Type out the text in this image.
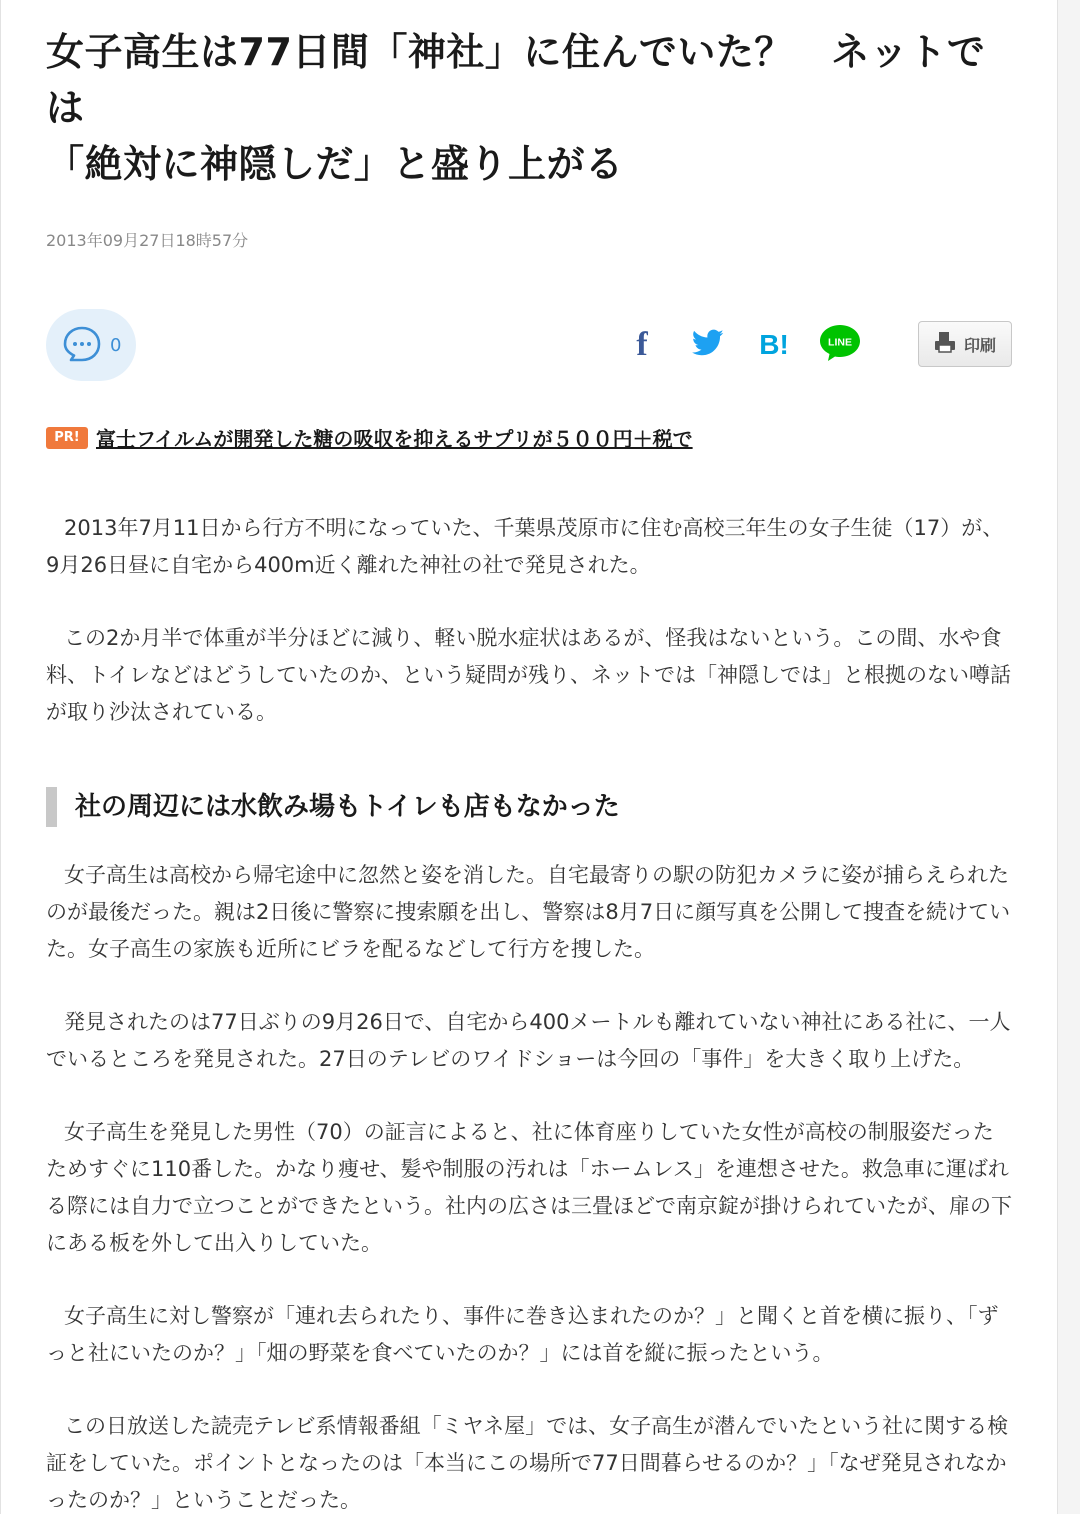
女子高生は77日間「神社」に住んでいた？　ネットでは
「絶対に神隠しだ」と盛り上がる
2013年09月27日18時57分
0	f	B!	LINE	印刷
PR! 富士フイルムが開発した糖の吸収を抑えるサプリが５００円＋税で

2013年7月11日から行方不明になっていた、千葉県茂原市に住む高校三年生の女子生徒（17）が、9月26日昼に自宅から400m近く離れた神社の社で発見された。

この2か月半で体重が半分ほどに減り、軽い脱水症状はあるが、怪我はないという。この間、水や食料、トイレなどはどうしていたのか、という疑問が残り、ネットでは「神隠しでは」と根拠のない噂話が取り沙汰されている。

社の周辺には水飲み場もトイレも店もなかった

女子高生は高校から帰宅途中に忽然と姿を消した。自宅最寄りの駅の防犯カメラに姿が捕らえられたのが最後だった。親は2日後に警察に捜索願を出し、警察は8月7日に顔写真を公開して捜査を続けていた。女子高生の家族も近所にビラを配るなどして行方を捜した。

発見されたのは77日ぶりの9月26日で、自宅から400メートルも離れていない神社にある社に、一人でいるところを発見された。27日のテレビのワイドショーは今回の「事件」を大きく取り上げた。

女子高生を発見した男性（70）の証言によると、社に体育座りしていた女性が高校の制服姿だったためすぐに110番した。かなり痩せ、髪や制服の汚れは「ホームレス」を連想させた。救急車に運ばれる際には自力で立つことができたという。社内の広さは三畳ほどで南京錠が掛けられていたが、扉の下にある板を外して出入りしていた。

女子高生に対し警察が「連れ去られたり、事件に巻き込まれたのか？」と聞くと首を横に振り、「ずっと社にいたのか？」「畑の野菜を食べていたのか？」には首を縦に振ったという。

この日放送した読売テレビ系情報番組「ミヤネ屋」では、女子高生が潜んでいたという社に関する検証をしていた。ポイントとなったのは「本当にこの場所で77日間暮らせるのか？」「なぜ発見されなかったのか？」ということだった。
